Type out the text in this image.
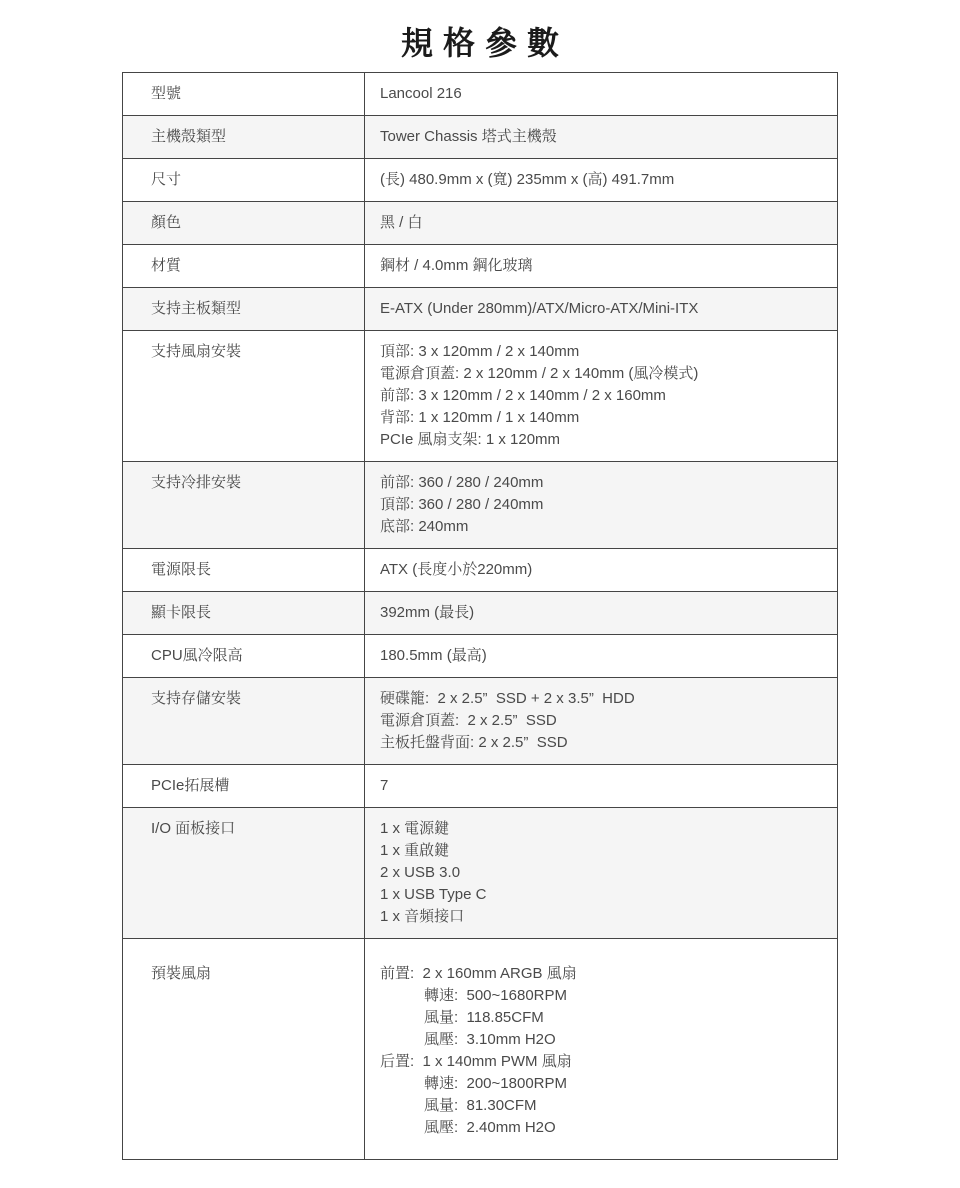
規格參數
型號	Lancool 216
主機殼類型	Tower Chassis 塔式主機殼
尺寸	(長) 480.9mm x (寬) 235mm x (高) 491.7mm
顏色	黑 / 白
材質	鋼材 / 4.0mm 鋼化玻璃
支持主板類型	E-ATX (Under 280mm)/ATX/Micro-ATX/Mini-ITX
支持風扇安裝	頂部: 3 x 120mm / 2 x 140mm
電源倉頂蓋: 2 x 120mm / 2 x 140mm (風冷模式)
前部: 3 x 120mm / 2 x 140mm / 2 x 160mm
背部: 1 x 120mm / 1 x 140mm
PCIe 風扇支架: 1 x 120mm
支持冷排安裝	前部: 360 / 280 / 240mm
頂部: 360 / 280 / 240mm
底部: 240mm
電源限長	ATX (長度小於220mm)
顯卡限長	392mm (最長)
CPU風冷限高	180.5mm (最高)
支持存儲安裝	硬碟籠:  2 x 2.5”  SSD + 2 x 3.5”  HDD
電源倉頂蓋:  2 x 2.5”  SSD
主板托盤背面: 2 x 2.5”  SSD
PCIe拓展槽	7
I/O 面板接口	1 x 電源鍵
1 x 重啟鍵
2 x USB 3.0
1 x USB Type C
1 x 音頻接口
預裝風扇	前置:  2 x 160mm ARGB 風扇
轉速:  500~1680RPM
風量:  118.85CFM
風壓:  3.10mm H2O
后置:  1 x 140mm PWM 風扇
轉速:  200~1800RPM
風量:  81.30CFM
風壓:  2.40mm H2O
